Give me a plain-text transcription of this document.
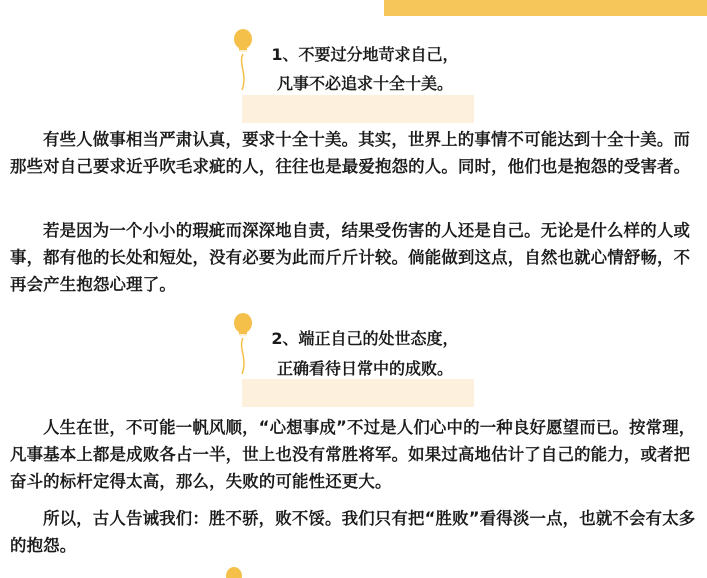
1、不要过分地苛求自己，
凡事不必追求十全十美。

有些人做事相当严肃认真，要求十全十美。其实，世界上的事情不可能达到十全十美。而那些对自己要求近乎吹毛求疵的人，往往也是最爱抱怨的人。同时，他们也是抱怨的受害者。

若是因为一个小小的瑕疵而深深地自责，结果受伤害的人还是自己。无论是什么样的人或事，都有他的长处和短处，没有必要为此而斤斤计较。倘能做到这点，自然也就心情舒畅，不再会产生抱怨心理了。

2、端正自己的处世态度，
正确看待日常中的成败。

人生在世，不可能一帆风顺，“心想事成”不过是人们心中的一种良好愿望而已。按常理，凡事基本上都是成败各占一半，世上也没有常胜将军。如果过高地估计了自己的能力，或者把奋斗的标杆定得太高，那么，失败的可能性还更大。

所以，古人告诫我们：胜不骄，败不馁。我们只有把“胜败”看得淡一点，也就不会有太多的抱怨。
